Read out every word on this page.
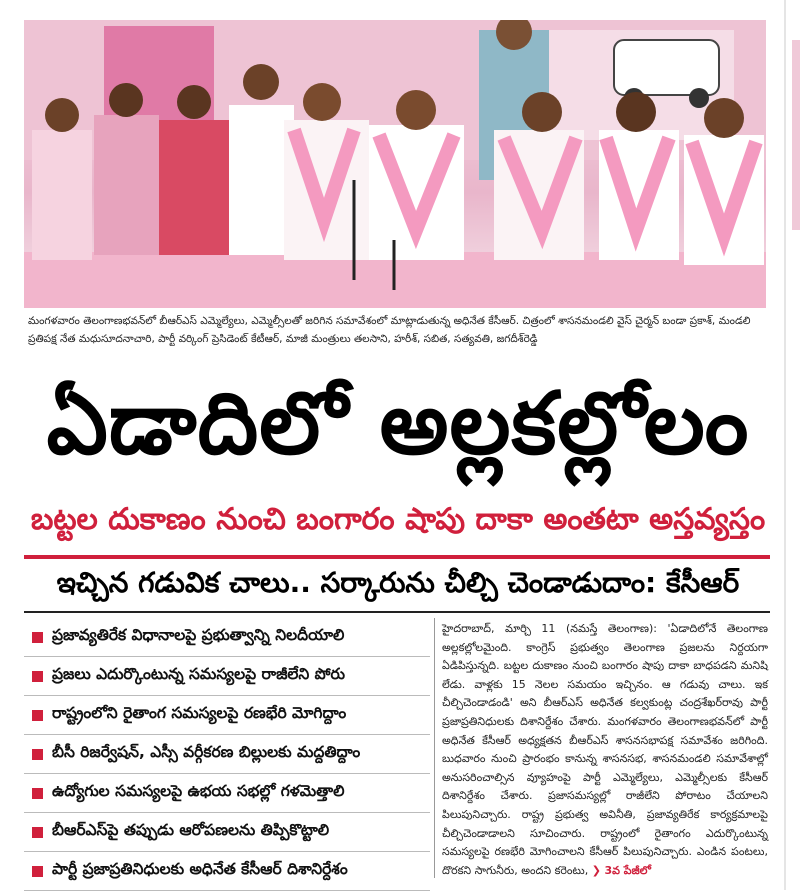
మంగళవారం తెలంగాణభవన్‌లో బీఆర్‌ఎస్ ఎమ్మెల్యేలు, ఎమ్మెల్సీలతో జరిగిన సమావేశంలో మాట్లాడుతున్న అధినేత కేసీఆర్. చిత్రంలో శాసనమండలి వైస్ చైర్మన్ బండా ప్రకాశ్, మండలి ప్రతిపక్ష నేత మధుసూదనాచారి, పార్టీ వర్కింగ్ ప్రెసిడెంట్ కేటీఆర్, మాజీ మంత్రులు తలసాని, హరీశ్, సబిత, సత్యవతి, జగదీశ్‌రెడ్డి
ఏడాదిలో అల్లకల్లోలం
బట్టల దుకాణం నుంచి బంగారం షాపు దాకా అంతటా అస్తవ్యస్తం
ఇచ్చిన గడువిక చాలు.. సర్కారును చీల్చి చెండాడుదాం: కేసీఆర్
ప్రజావ్యతిరేక విధానాలపై ప్రభుత్వాన్ని నిలదీయాలి
ప్రజలు ఎదుర్కొంటున్న సమస్యలపై రాజీలేని పోరు
రాష్ట్రంలోని రైతాంగ సమస్యలపై రణభేరి మోగిద్దాం
బీసీ రిజర్వేషన్, ఎస్సీ వర్గీకరణ బిల్లులకు మద్దతిద్దాం
ఉద్యోగుల సమస్యలపై ఉభయ సభల్లో గళమెత్తాలి
బీఆర్‌ఎస్‌పై తప్పుడు ఆరోపణలను తిప్పికొట్టాలి
పార్టీ ప్రజాప్రతినిధులకు అధినేత కేసీఆర్ దిశానిర్దేశం
హైదరాబాద్, మార్చి 11 (నమస్తే తెలంగాణ): 'ఏడాదిలోనే తెలంగాణ అల్లకల్లోలమైంది. కాంగ్రెస్ ప్రభుత్వం తెలంగాణ ప్రజలను నిర్దయగా ఏడిపిస్తున్నది. బట్టల దుకాణం నుంచి బంగారం షాపు దాకా బాధపడని మనిషి లేడు. వాళ్లకు 15 నెలల సమయం ఇచ్చినం. ఆ గడువు చాలు. ఇక చీల్చిచెండాడండి' అని బీఆర్‌ఎస్ అధినేత కల్వకుంట్ల చంద్రశేఖర్‌రావు పార్టీ ప్రజాప్రతినిధులకు దిశానిర్దేశం చేశారు. మంగళవారం తెలంగాణభవన్‌లో పార్టీ అధినేత కేసీఆర్ అధ్యక్షతన బీఆర్‌ఎస్ శాసనసభాపక్ష సమావేశం జరిగింది. బుధవారం నుంచి ప్రారంభం కానున్న శాసనసభ, శాసనమండలి సమావేశాల్లో అనుసరించాల్సిన వ్యూహంపై పార్టీ ఎమ్మెల్యేలు, ఎమ్మెల్సీలకు కేసీఆర్ దిశానిర్దేశం చేశారు. ప్రజాసమస్యల్లో రాజీలేని పోరాటం చేయాలని పిలుపునిచ్చారు. రాష్ట్ర ప్రభుత్వ అవినీతి, ప్రజావ్యతిరేక కార్యక్రమాలపై చీల్చిచెండాడాలని సూచించారు. రాష్ట్రంలో రైతాంగం ఎదుర్కొంటున్న సమస్యలపై రణభేరి మోగించాలని కేసీఆర్ పిలుపునిచ్చారు. ఎండిన పంటలు, దొరకని సాగునీరు, అందని కరెంటు, ❯ 3వ పేజీలో
